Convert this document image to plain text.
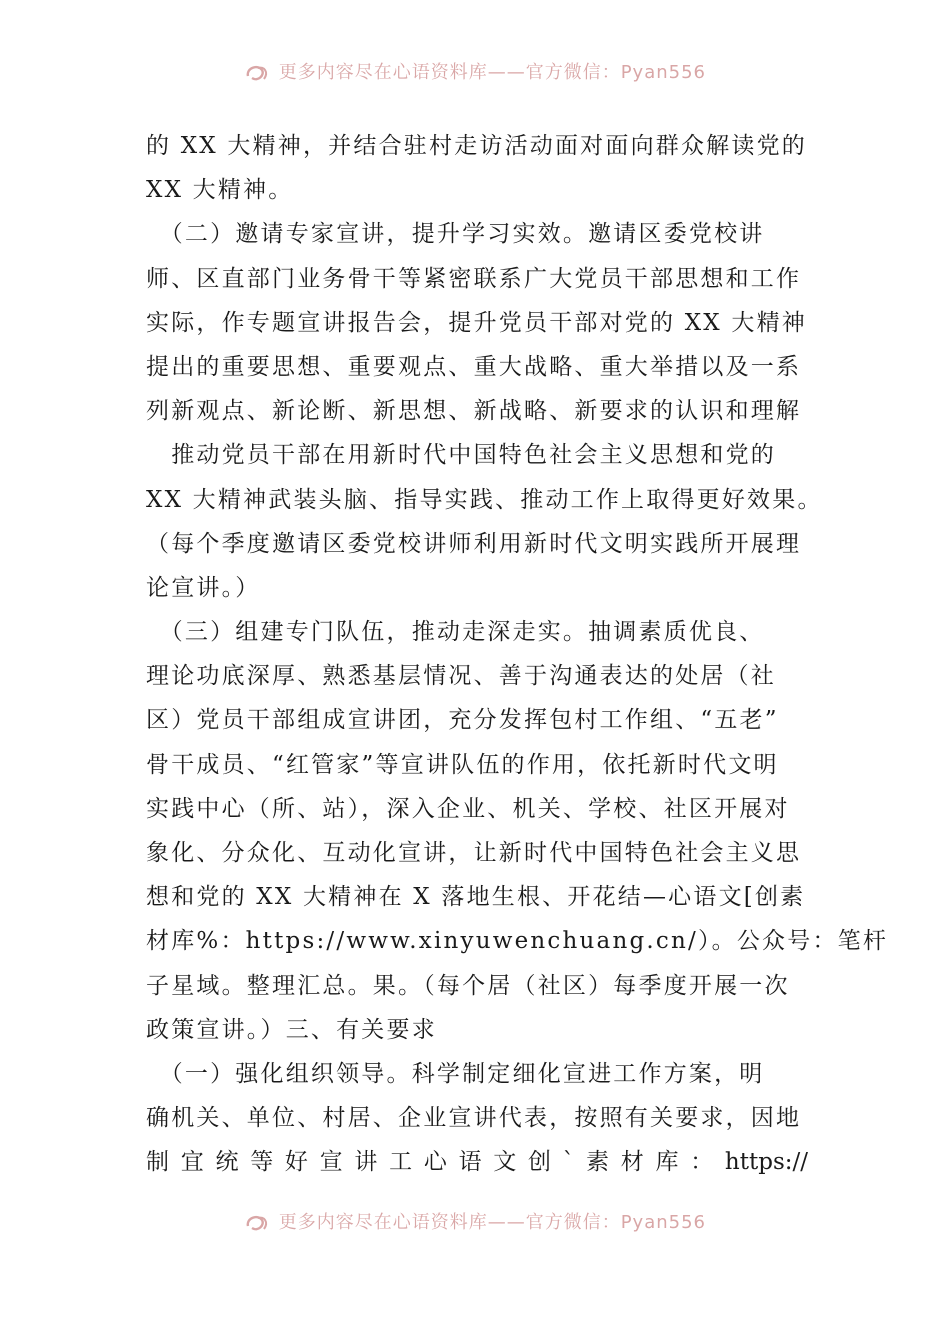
更多内容尽在心语资料库——官方微信：Pyan556
的 XX 大精神，并结合驻村走访活动面对面向群众解读党的
XX 大精神。
　（二）邀请专家宣讲，提升学习实效。邀请区委党校讲
师、区直部门业务骨干等紧密联系广大党员干部思想和工作
实际，作专题宣讲报告会，提升党员干部对党的 XX 大精神
提出的重要思想、重要观点、重大战略、重大举措以及一系
列新观点、新论断、新思想、新战略、新要求的认识和理解
　推动党员干部在用新时代中国特色社会主义思想和党的
XX 大精神武装头脑、指导实践、推动工作上取得更好效果。
（每个季度邀请区委党校讲师利用新时代文明实践所开展理
论宣讲。）
　（三）组建专门队伍，推动走深走实。抽调素质优良、
理论功底深厚、熟悉基层情况、善于沟通表达的处居（社
区）党员干部组成宣讲团，充分发挥包村工作组、“五老”
骨干成员、“红管家”等宣讲队伍的作用，依托新时代文明
实践中心（所、站），深入企业、机关、学校、社区开展对
象化、分众化、互动化宣讲，让新时代中国特色社会主义思
想和党的 XX 大精神在 X 落地生根、开花结—心语文[创素
材库%：https://www.xinyuwenchuang.cn/）。公众号：笔杆
子星域。整理汇总。果。（每个居（社区）每季度开展一次
政策宣讲。）三、有关要求
　（一）强化组织领导。科学制定细化宣进工作方案，明
确机关、单位、村居、企业宣讲代表，按照有关要求，因地
制宜统等好宣讲工心语文创`素材库：https://
更多内容尽在心语资料库——官方微信：Pyan556
